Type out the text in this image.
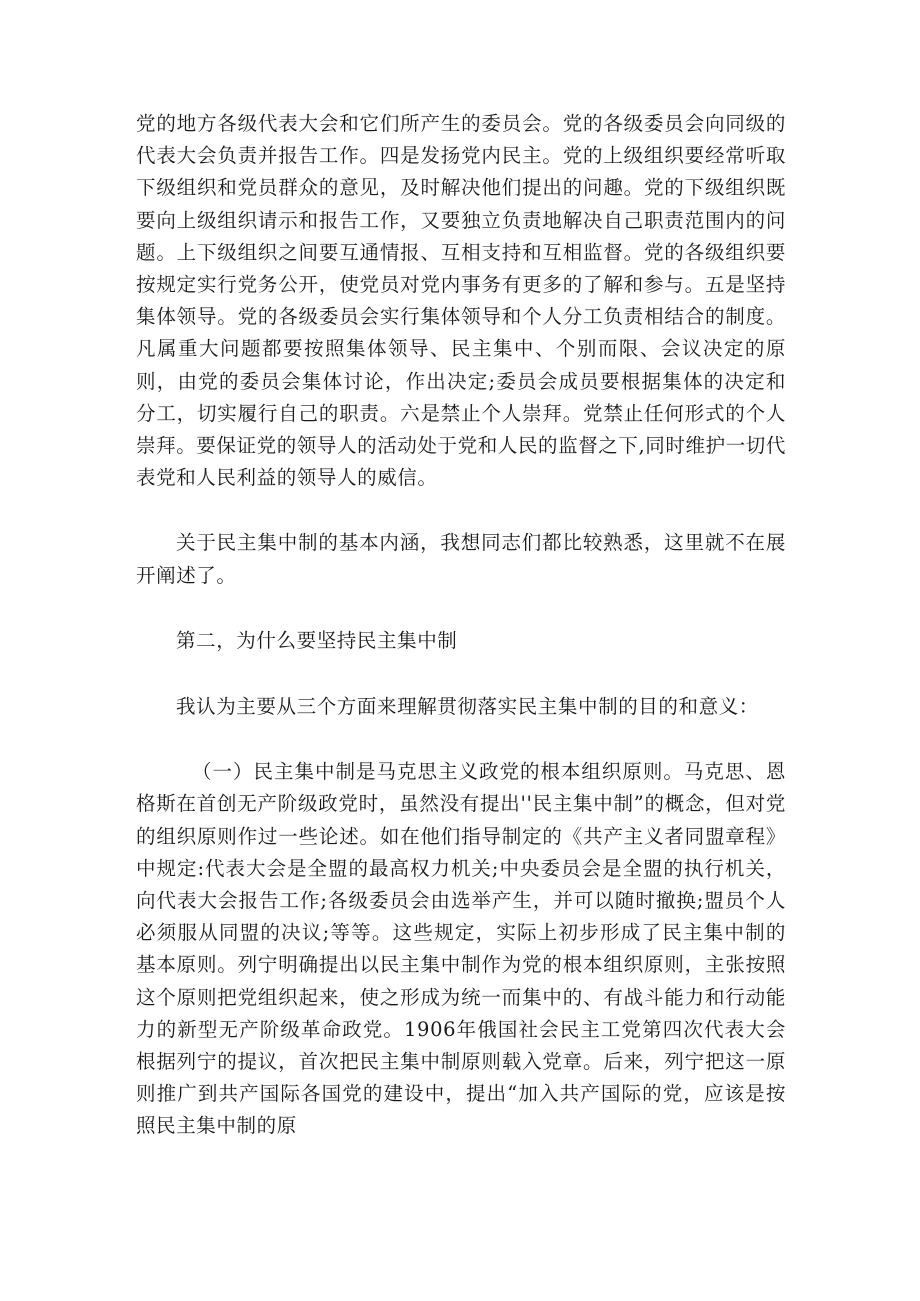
党的地方各级代表大会和它们所产生的委员会。党的各级委员会向同级的代表大会负责并报告工作。四是发扬党内民主。党的上级组织要经常听取下级组织和党员群众的意见，及时解决他们提出的问趣。党的下级组织既要向上级组织请示和报告工作，又要独立负责地解决自己职责范围内的问题。上下级组织之间要互通情报、互相支持和互相监督。党的各级组织要按规定实行党务公开，使党员对党内事务有更多的了解和参与。五是坚持集体领导。党的各级委员会实行集体领导和个人分工负责相结合的制度。凡属重大问题都要按照集体领导、民主集中、个别而限、会议决定的原则，由党的委员会集体讨论，作出决定;委员会成员要根据集体的决定和分工，切实履行自己的职责。六是禁止个人崇拜。党禁止任何形式的个人崇拜。要保证党的领导人的活动处于党和人民的监督之下,同时维护一切代表党和人民利益的领导人的威信。

关于民主集中制的基本内涵，我想同志们都比较熟悉，这里就不在展开阐述了。

第二，为什么要坚持民主集中制

我认为主要从三个方面来理解贯彻落实民主集中制的目的和意义：

（一）民主集中制是马克思主义政党的根本组织原则。马克思、恩格斯在首创无产阶级政党时，虽然没有提出''民主集中制”的概念，但对党的组织原则作过一些论述。如在他们指导制定的《共产主义者同盟章程》中规定:代表大会是全盟的最高权力机关;中央委员会是全盟的执行机关，向代表大会报告工作;各级委员会由选举产生，并可以随时撤换;盟员个人必须服从同盟的决议;等等。这些规定，实际上初步形成了民主集中制的基本原则。列宁明确提出以民主集中制作为党的根本组织原则，主张按照这个原则把党组织起来，使之形成为统一而集中的、有战斗能力和行动能力的新型无产阶级革命政党。1906年俄国社会民主工党第四次代表大会根据列宁的提议，首次把民主集中制原则载入党章。后来，列宁把这一原则推广到共产国际各国党的建设中，提出“加入共产国际的党，应该是按照民主集中制的原
